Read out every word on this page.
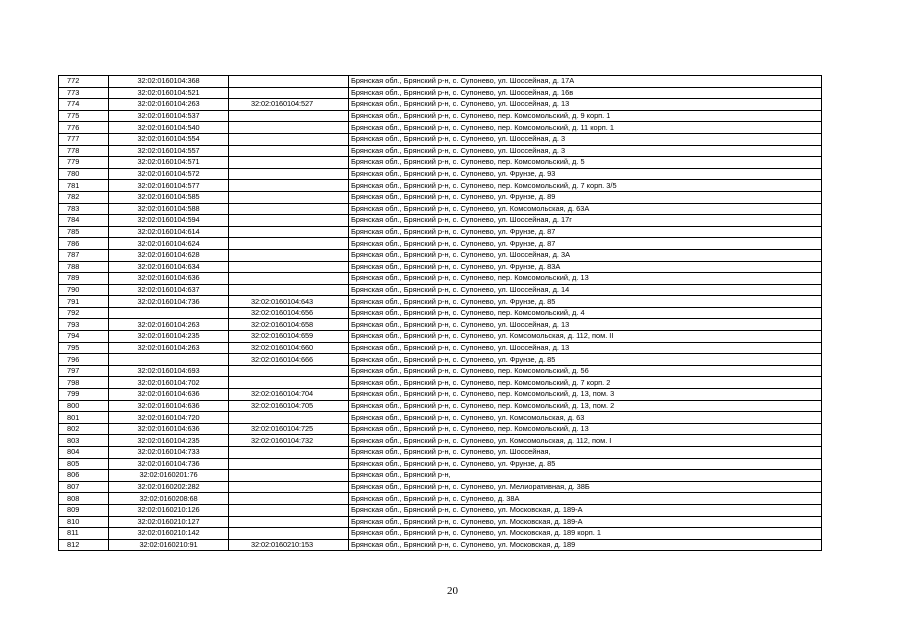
772	32:02:0160104:368		Брянская обл., Брянский р-н, с. Супонево, ул. Шоссейная, д. 17А
773	32:02:0160104:521		Брянская обл., Брянский р-н, с. Супонево, ул. Шоссейная, д. 16в
774	32:02:0160104:263	32:02:0160104:527	Брянская обл., Брянский р-н, с. Супонево, ул. Шоссейная, д. 13
775	32:02:0160104:537		Брянская обл., Брянский р-н, с. Супонево, пер. Комсомольский, д. 9 корп. 1
776	32:02:0160104:540		Брянская обл., Брянский р-н, с. Супонево, пер. Комсомольский, д. 11 корп. 1
777	32:02:0160104:554		Брянская обл., Брянский р-н, с. Супонево, ул. Шоссейная, д. 3
778	32:02:0160104:557		Брянская обл., Брянский р-н, с. Супонево, ул. Шоссейная, д. 3
779	32:02:0160104:571		Брянская обл., Брянский р-н, с. Супонево, пер. Комсомольский, д. 5
780	32:02:0160104:572		Брянская обл., Брянский р-н, с. Супонево, ул. Фрунзе, д. 93
781	32:02:0160104:577		Брянская обл., Брянский р-н, с. Супонево, пер. Комсомольский, д. 7 корп. 3/5
782	32:02:0160104:585		Брянская обл., Брянский р-н, с. Супонево, ул. Фрунзе, д. 89
783	32:02:0160104:588		Брянская обл., Брянский р-н, с. Супонево, ул. Комсомольская, д. 63А
784	32:02:0160104:594		Брянская обл., Брянский р-н, с. Супонево, ул. Шоссейная, д. 17г
785	32:02:0160104:614		Брянская обл., Брянский р-н, с. Супонево, ул. Фрунзе, д. 87
786	32:02:0160104:624		Брянская обл., Брянский р-н, с. Супонево, ул. Фрунзе, д. 87
787	32:02:0160104:628		Брянская обл., Брянский р-н, с. Супонево, ул. Шоссейная, д. 3А
788	32:02:0160104:634		Брянская обл., Брянский р-н, с. Супонево, ул. Фрунзе, д. 83А
789	32:02:0160104:636		Брянская обл., Брянский р-н, с. Супонево, пер. Комсомольский, д. 13
790	32:02:0160104:637		Брянская обл., Брянский р-н, с. Супонево, ул. Шоссейная, д. 14
791	32:02:0160104:736	32:02:0160104:643	Брянская обл., Брянский р-н, с. Супонево, ул. Фрунзе, д. 85
792		32:02:0160104:656	Брянская обл., Брянский р-н, с. Супонево, пер. Комсомольский, д. 4
793	32:02:0160104:263	32:02:0160104:658	Брянская обл., Брянский р-н, с. Супонево, ул. Шоссейная, д. 13
794	32:02:0160104:235	32:02:0160104:659	Брянская обл., Брянский р-н, с. Супонево, ул. Комсомольская, д. 112, пом. II
795	32:02:0160104:263	32:02:0160104:660	Брянская обл., Брянский р-н, с. Супонево, ул. Шоссейная, д. 13
796		32:02:0160104:666	Брянская обл., Брянский р-н, с. Супонево, ул. Фрунзе, д. 85
797	32:02:0160104:693		Брянская обл., Брянский р-н, с. Супонево, пер. Комсомольский, д. 56
798	32:02:0160104:702		Брянская обл., Брянский р-н, с. Супонево, пер. Комсомольский, д. 7 корп. 2
799	32:02:0160104:636	32:02:0160104:704	Брянская обл., Брянский р-н, с. Супонево, пер. Комсомольский, д. 13, пом. 3
800	32:02:0160104:636	32:02:0160104:705	Брянская обл., Брянский р-н, с. Супонево, пер. Комсомольский, д. 13, пом. 2
801	32:02:0160104:720		Брянская обл., Брянский р-н, с. Супонево, ул. Комсомольская, д. 63
802	32:02:0160104:636	32:02:0160104:725	Брянская обл., Брянский р-н, с. Супонево, пер. Комсомольский, д. 13
803	32:02:0160104:235	32:02:0160104:732	Брянская обл., Брянский р-н, с. Супонево, ул. Комсомольская, д. 112, пом. I
804	32:02:0160104:733		Брянская обл., Брянский р-н, с. Супонево, ул. Шоссейная,
805	32:02:0160104:736		Брянская обл., Брянский р-н, с. Супонево, ул. Фрунзе, д. 85
806	32:02:0160201:76		Брянская обл., Брянский р-н,
807	32:02:0160202:282		Брянская обл., Брянский р-н, с. Супонево, ул. Мелиоративная, д. 38Б
808	32:02:0160208:68		Брянская обл., Брянский р-н, с. Супонево, д. 38А
809	32:02:0160210:126		Брянская обл., Брянский р-н, с. Супонево, ул. Московская, д. 189-А
810	32:02:0160210:127		Брянская обл., Брянский р-н, с. Супонево, ул. Московская, д. 189-А
811	32:02:0160210:142		Брянская обл., Брянский р-н, с. Супонево, ул. Московская, д. 189 корп. 1
812	32:02:0160210:91	32:02:0160210:153	Брянская обл., Брянский р-н, с. Супонево, ул. Московская, д. 189
20
